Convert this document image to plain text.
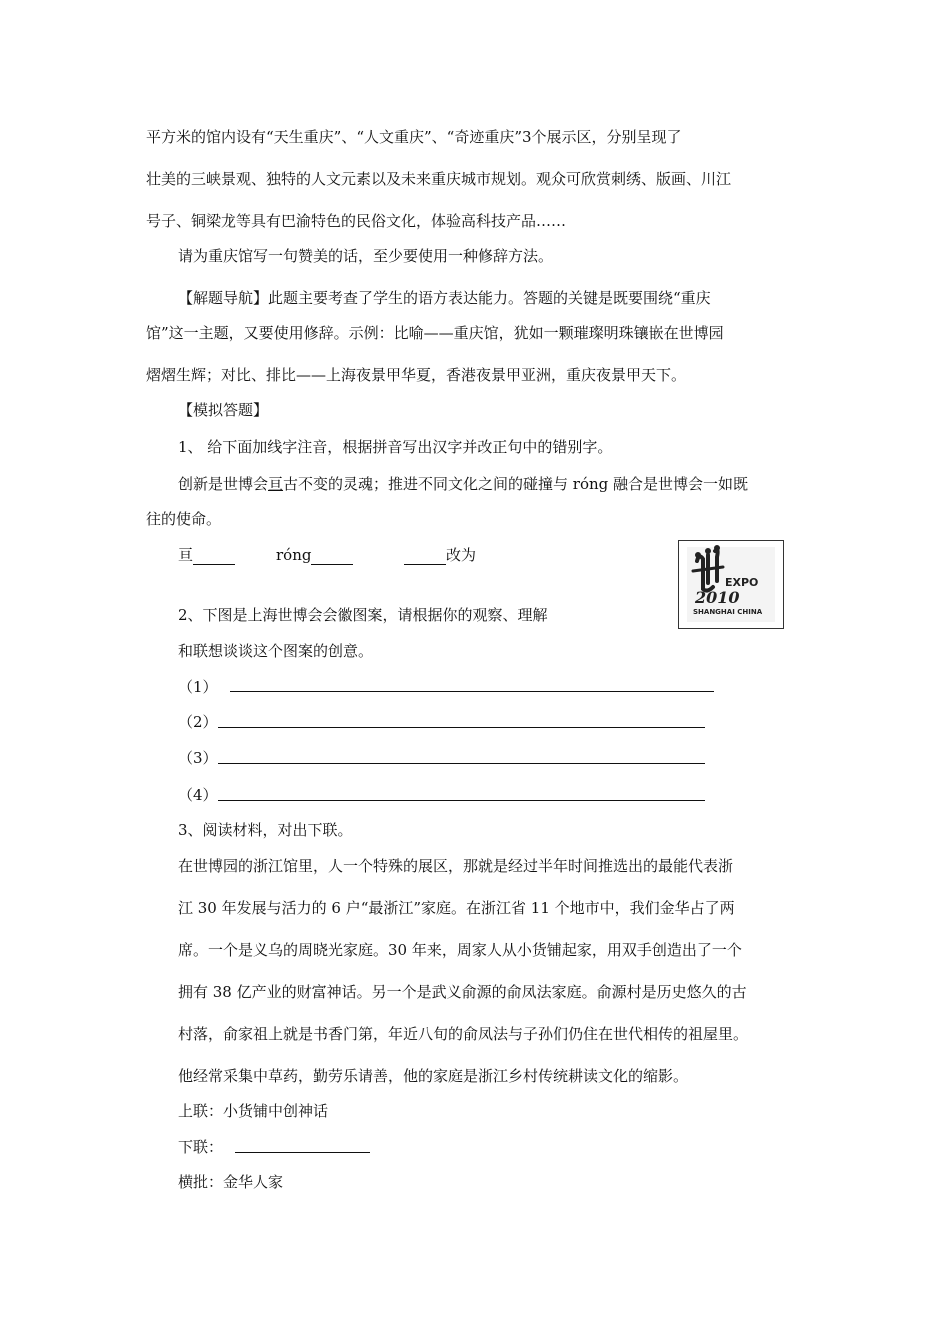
平方米的馆内设有“天生重庆”、“人文重庆”、“奇迹重庆”3个展示区，分别呈现了
壮美的三峡景观、独特的人文元素以及未来重庆城市规划。观众可欣赏刺绣、版画、川江
号子、铜梁龙等具有巴渝特色的民俗文化，体验高科技产品……
请为重庆馆写一句赞美的话，至少要使用一种修辞方法。
【解题导航】此题主要考查了学生的语方表达能力。答题的关键是既要围绕“重庆
馆”这一主题，又要使用修辞。示例：比喻——重庆馆，犹如一颗璀璨明珠镶嵌在世博园
熠熠生辉；对比、排比——上海夜景甲华夏，香港夜景甲亚洲，重庆夜景甲天下。
【模拟答题】
1、 给下面加线字注音，根据拼音写出汉字并改正句中的错别字。
创新是世博会亘古不变的灵魂；推进不同文化之间的碰撞与 róng 融合是世博会一如既
往的使命。
亘	róng	改为
EXPO
2010
SHANGHAI CHINA
2、下图是上海世博会会徽图案，请根据你的观察、理解
和联想谈谈这个图案的创意。
（1）
（2）
（3）
（4）
3、阅读材料，对出下联。
在世博园的浙江馆里，人一个特殊的展区，那就是经过半年时间推选出的最能代表浙
江 30 年发展与活力的 6 户“最浙江”家庭。在浙江省 11 个地市中，我们金华占了两
席。一个是义乌的周晓光家庭。30 年来，周家人从小货铺起家，用双手创造出了一个
拥有 38 亿产业的财富神话。另一个是武义俞源的俞凤法家庭。俞源村是历史悠久的古
村落，俞家祖上就是书香门第，年近八旬的俞凤法与子孙们仍住在世代相传的祖屋里。
他经常采集中草药，勤劳乐请善，他的家庭是浙江乡村传统耕读文化的缩影。
上联：小货铺中创神话
下联：
横批：金华人家
